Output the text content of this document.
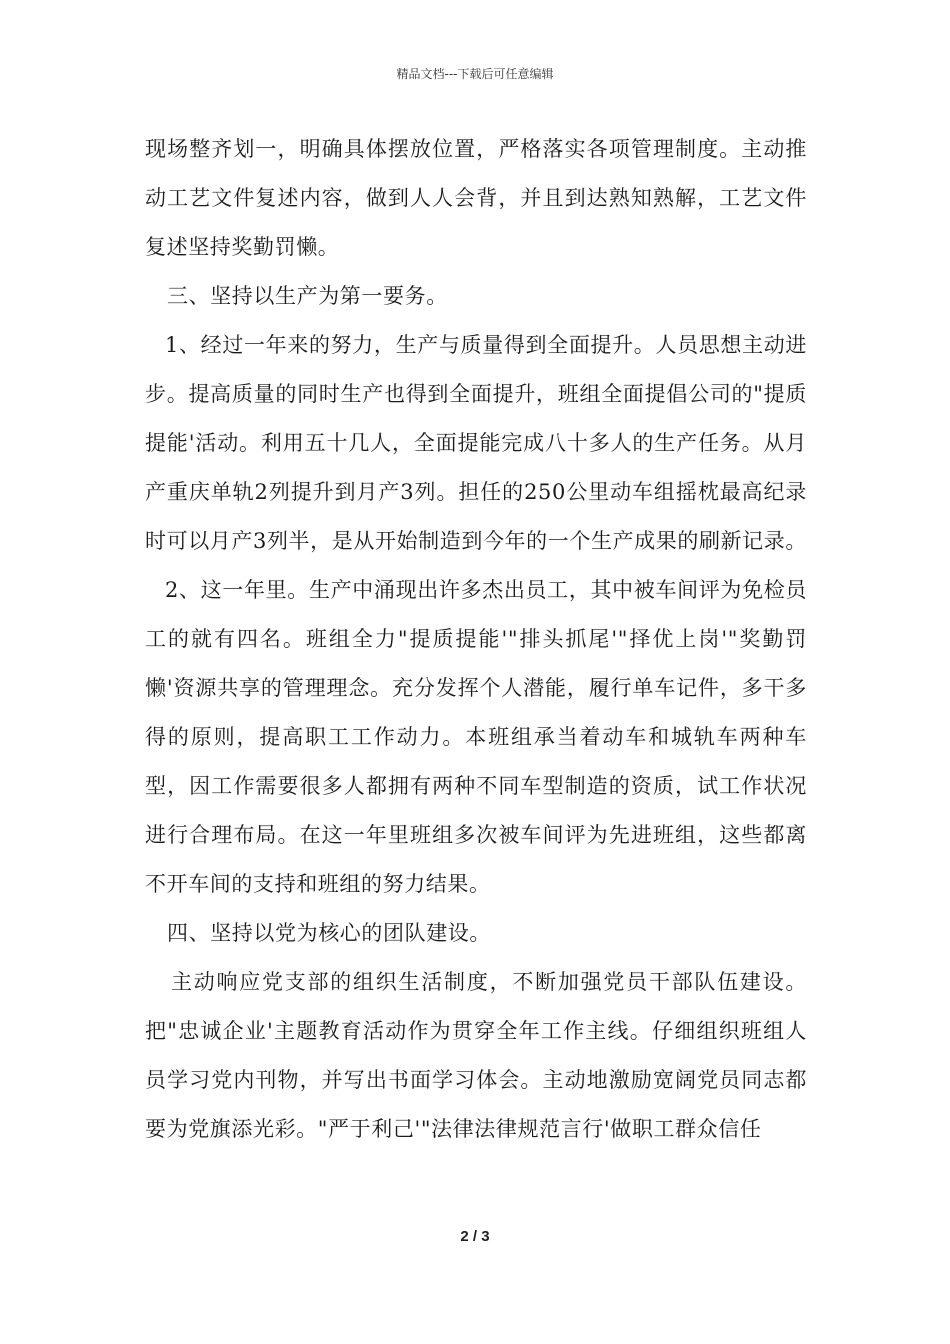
精品文档---下载后可任意编辑

现场整齐划一，明确具体摆放位置，严格落实各项管理制度。主动推动工艺文件复述内容，做到人人会背，并且到达熟知熟解，工艺文件复述坚持奖勤罚懒。

三、坚持以生产为第一要务。

1、经过一年来的努力，生产与质量得到全面提升。人员思想主动进步。提高质量的同时生产也得到全面提升，班组全面提倡公司的"提质提能'活动。利用五十几人，全面提能完成八十多人的生产任务。从月产重庆单轨2列提升到月产3列。担任的250公里动车组摇枕最高纪录时可以月产3列半，是从开始制造到今年的一个生产成果的刷新记录。

2、这一年里。生产中涌现出许多杰出员工，其中被车间评为免检员工的就有四名。班组全力"提质提能'"排头抓尾'"择优上岗'"奖勤罚懒'资源共享的管理理念。充分发挥个人潜能，履行单车记件，多干多得的原则，提高职工工作动力。本班组承当着动车和城轨车两种车型，因工作需要很多人都拥有两种不同车型制造的资质，试工作状况进行合理布局。在这一年里班组多次被车间评为先进班组，这些都离不开车间的支持和班组的努力结果。

四、坚持以党为核心的团队建设。

主动响应党支部的组织生活制度，不断加强党员干部队伍建设。把"忠诚企业'主题教育活动作为贯穿全年工作主线。仔细组织班组人员学习党内刊物，并写出书面学习体会。主动地激励宽阔党员同志都要为党旗添光彩。"严于利己'"法律法律规范言行'做职工群众信任

2 / 3
